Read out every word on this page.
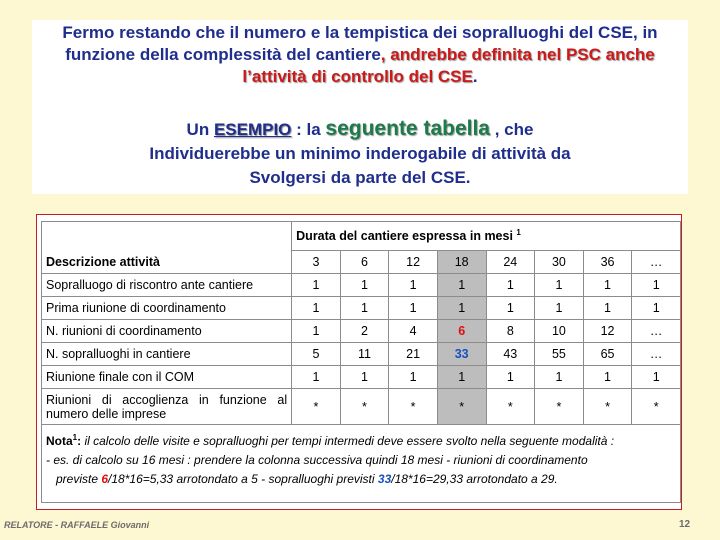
Fermo restando che il numero e la tempistica dei sopralluoghi del CSE, in funzione della complessità del cantiere, andrebbe definita nel PSC anche l’attività di controllo del CSE.
Un ESEMPIO : la seguente tabella , che
Individuerebbe un minimo inderogabile di attività da
Svolgersi da parte del CSE.
Descrizione attività	Durata del cantiere espressa in mesi $^1$
	3	6	12	18	24	30	36	…
Sopralluogo di riscontro ante cantiere	1	1	1	1	1	1	1	1
Prima riunione di coordinamento	1	1	1	1	1	1	1	1
N. riunioni di coordinamento	1	2	4	6	8	10	12	…
N. sopralluoghi in cantiere	5	11	21	33	43	55	65	…
Riunione finale con il COM	1	1	1	1	1	1	1	1
Riunioni di accoglienza in funzione al numero delle imprese	*	*	*	*	*	*	*	*

Nota$^1$: il calcolo delle visite e sopralluoghi per tempi intermedi deve essere svolto nella seguente modalità :
- es. di calcolo su 16 mesi : prendere la colonna successiva quindi 18 mesi - riunioni di coordinamento
previste 6/18*16=5,33 arrotondato a 5 - sopralluoghi previsti 33/18*16=29,33 arrotondato a 29.								
RELATORE - RAFFAELE Giovanni	12
